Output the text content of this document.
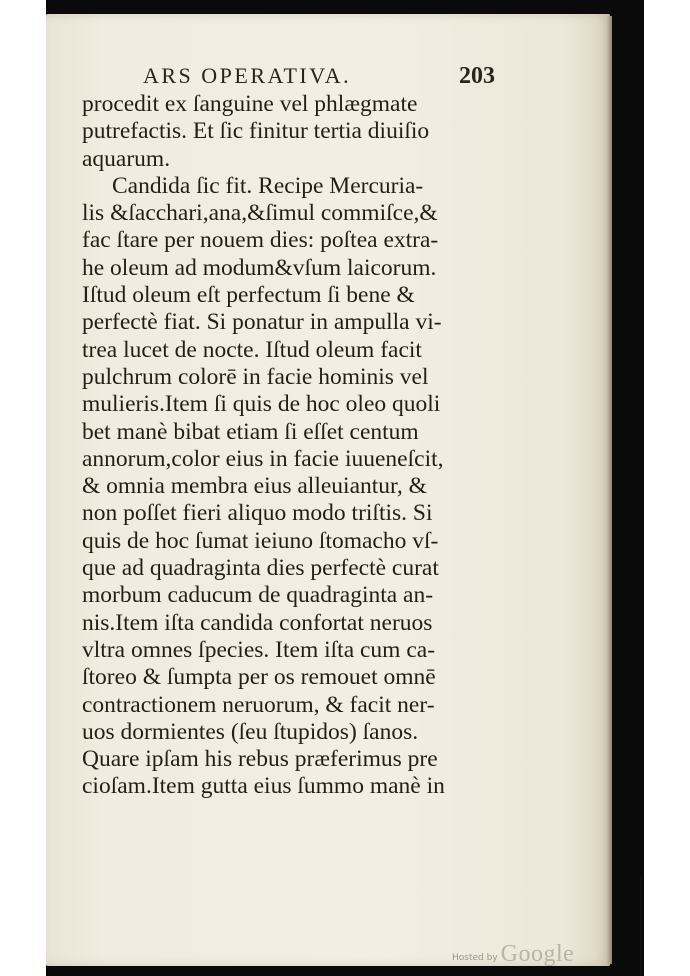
ARS OPERATIVA.	203
procedit ex ſanguine vel phlægmate
putrefactis. Et ſic finitur tertia diuiſio
aquarum.
Candida ſic fit. Recipe Mercuria-
lis &ſacchari,ana,&ſimul commiſce,&
fac ſtare per nouem dies: poſtea extra-
he oleum ad modum&vſum laicorum.
Iſtud oleum eſt perfectum ſi bene &
perfectè fiat. Si ponatur in ampulla vi-
trea lucet de nocte. Iſtud oleum facit
pulchrum colorē in facie hominis vel
mulieris.Item ſi quis de hoc oleo quoli
bet manè bibat etiam ſi eſſet centum
annorum,color eius in facie iuueneſcit,
& omnia membra eius alleuiantur, &
non poſſet fieri aliquo modo triſtis. Si
quis de hoc ſumat ieiuno ſtomacho vſ-
que ad quadraginta dies perfectè curat
morbum caducum de quadraginta an-
nis.Item iſta candida confortat neruos
vltra omnes ſpecies. Item iſta cum ca-
ſtoreo & ſumpta per os remouet omnē
contractionem neruorum, & facit ner-
uos dormientes (ſeu ſtupidos) ſanos.
Quare ipſam his rebus præferimus pre
cioſam.Item gutta eius ſummo manè in
Hosted by Google
